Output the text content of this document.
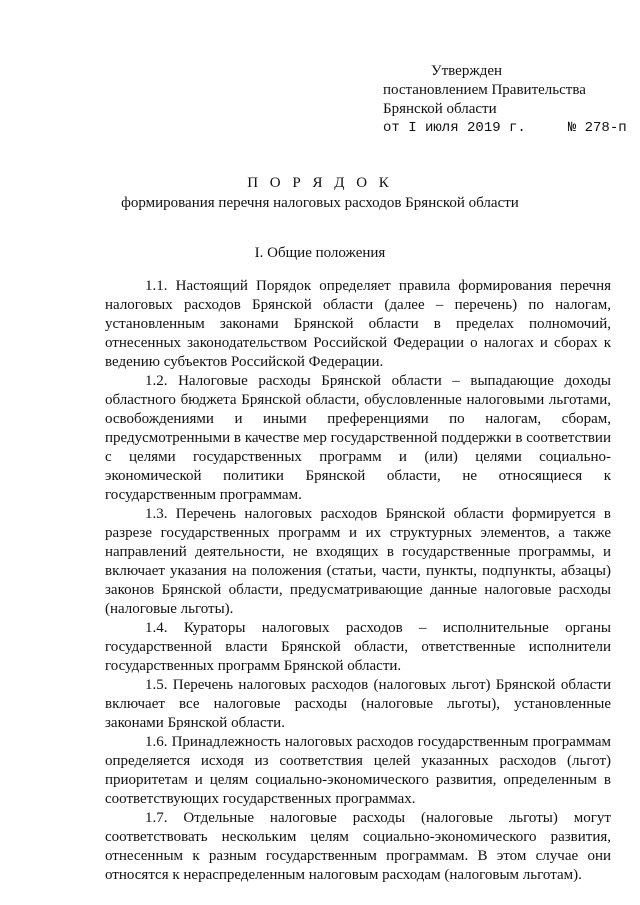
Утвержден
постановлением Правительства
Брянской области
от I июля 2019 г.	№ 278-п
П О Р Я Д О К
формирования перечня налоговых расходов Брянской области
I. Общие положения

1.1. Настоящий Порядок определяет правила формирования перечня налоговых расходов Брянской области (далее – перечень) по налогам, установленным законами Брянской области в пределах полномочий, отнесенных законодательством Российской Федерации о налогах и сборах к ведению субъектов Российской Федерации.

1.2. Налоговые расходы Брянской области – выпадающие доходы областного бюджета Брянской области, обусловленные налоговыми льготами, освобождениями и иными преференциями по налогам, сборам, предусмотренными в качестве мер государственной поддержки в соответствии с целями государственных программ и (или) целями социально-экономической политики Брянской области, не относящиеся к государственным программам.

1.3. Перечень налоговых расходов Брянской области формируется в разрезе государственных программ и их структурных элементов, а также направлений деятельности, не входящих в государственные программы, и включает указания на положения (статьи, части, пункты, подпункты, абзацы) законов Брянской области, предусматривающие данные налоговые расходы (налоговые льготы).

1.4. Кураторы налоговых расходов – исполнительные органы государственной власти Брянской области, ответственные исполнители государственных программ Брянской области.

1.5. Перечень налоговых расходов (налоговых льгот) Брянской области включает все налоговые расходы (налоговые льготы), установленные законами Брянской области.

1.6. Принадлежность налоговых расходов государственным программам определяется исходя из соответствия целей указанных расходов (льгот) приоритетам и целям социально-экономического развития, определенным в соответствующих государственных программах.

1.7. Отдельные налоговые расходы (налоговые льготы) могут соответствовать нескольким целям социально-экономического развития, отнесенным к разным государственным программам. В этом случае они относятся к нераспределенным налоговым расходам (налоговым льготам).
